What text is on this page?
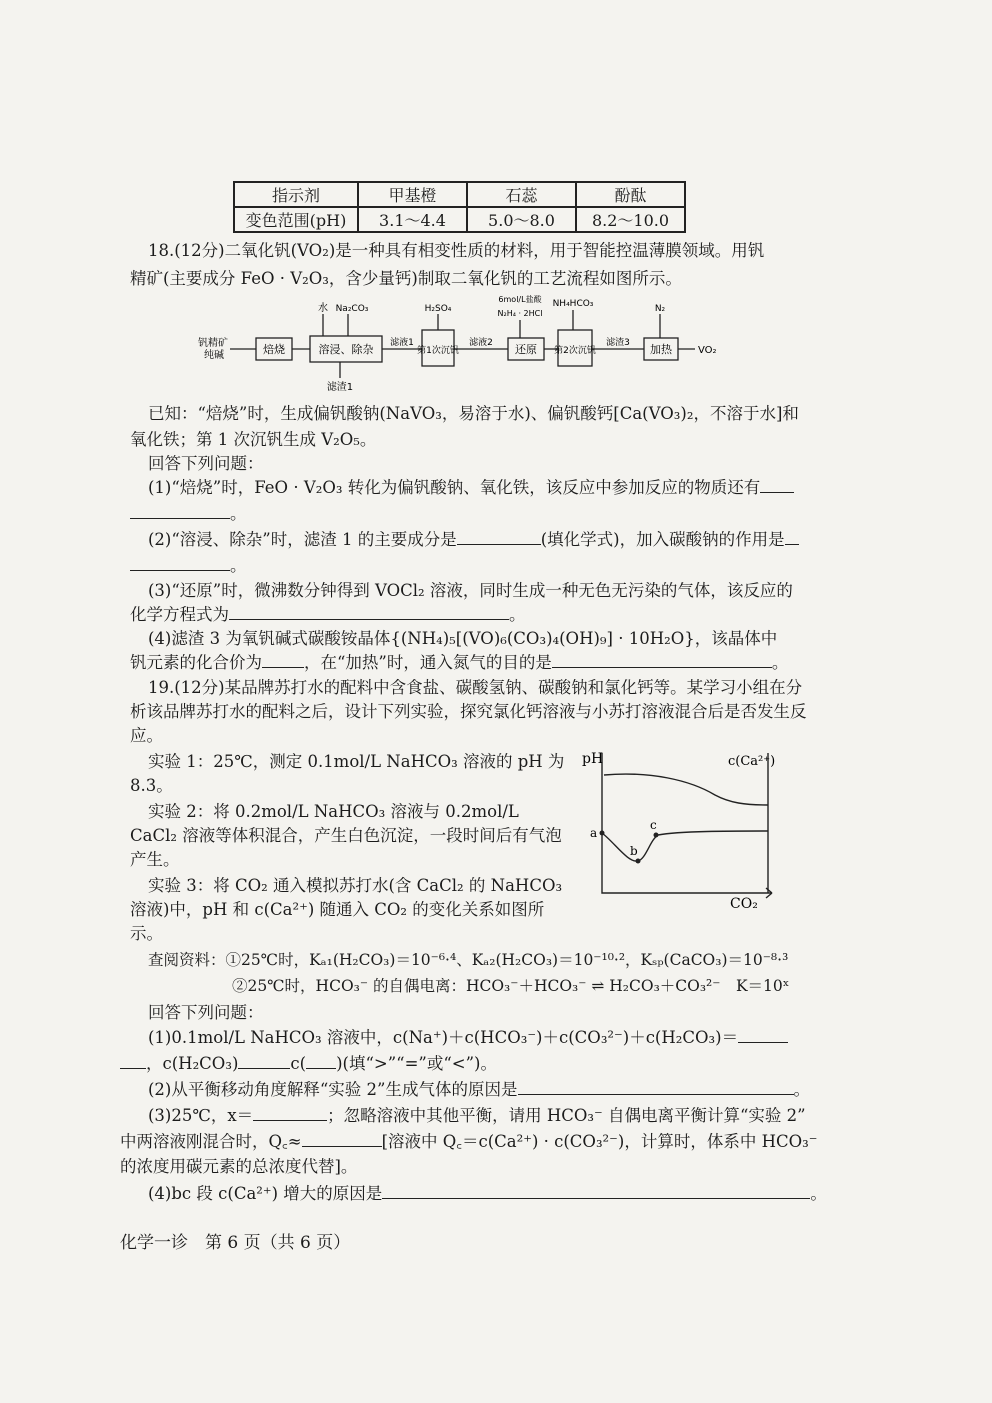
指示剂	甲基橙	石蕊	酚酞
变色范围(pH)	3.1～4.4	5.0～8.0	8.2～10.0
18.(12分)二氧化钒(VO₂)是一种具有相变性质的材料，用于智能控温薄膜领域。用钒
精矿(主要成分 FeO · V₂O₃，含少量钙)制取二氧化钒的工艺流程如图所示。
钒精矿
纯碱	焙烧	溶浸、除杂	第1次沉钒	还原 第2次沉钒	加热
水 Na₂CO₃	H₂SO₄
6mol/L盐酸
N₂H₄ · 2HCl
NH₄HCO₃	N₂
滤液1	滤液2	滤渣3
滤渣1
VO₂
已知：“焙烧”时，生成偏钒酸钠(NaVO₃，易溶于水)、偏钒酸钙[Ca(VO₃)₂，不溶于水]和
氧化铁；第 1 次沉钒生成 V₂O₅。
回答下列问题：
(1)“焙烧”时，FeO · V₂O₃ 转化为偏钒酸钠、氧化铁，该反应中参加反应的物质还有
。
(2)“溶浸、除杂”时，滤渣 1 的主要成分是	(填化学式)，加入碳酸钠的作用是
。
(3)“还原”时，微沸数分钟得到 VOCl₂ 溶液，同时生成一种无色无污染的气体，该反应的
化学方程式为	。
(4)滤渣 3 为氧钒碱式碳酸铵晶体{(NH₄)₅[(VO)₆(CO₃)₄(OH)₉] · 10H₂O}，该晶体中
钒元素的化合价为	，在“加热”时，通入氮气的目的是	。
19.(12分)某品牌苏打水的配料中含食盐、碳酸氢钠、碳酸钠和氯化钙等。某学习小组在分
析该品牌苏打水的配料之后，设计下列实验，探究氯化钙溶液与小苏打溶液混合后是否发生反
应。
实验 1：25℃，测定 0.1mol/L NaHCO₃ 溶液的 pH 为
8.3。
实验 2：将 0.2mol/L NaHCO₃ 溶液与 0.2mol/L
CaCl₂ 溶液等体积混合，产生白色沉淀，一段时间后有气泡
产生。
实验 3：将 CO₂ 通入模拟苏打水(含 CaCl₂ 的 NaHCO₃
溶液)中，pH 和 c(Ca²⁺) 随通入 CO₂ 的变化关系如图所
示。
pH	c(Ca²⁺)
CO₂
a
b
c
查阅资料：①25℃时，Kₐ₁(H₂CO₃)＝10⁻⁶·⁴、Kₐ₂(H₂CO₃)＝10⁻¹⁰·²，Kₛₚ(CaCO₃)＝10⁻⁸·³
②25℃时，HCO₃⁻ 的自偶电离：HCO₃⁻＋HCO₃⁻ ⇌ H₂CO₃＋CO₃²⁻　K＝10ˣ
回答下列问题：
(1)0.1mol/L NaHCO₃ 溶液中，c(Na⁺)＋c(HCO₃⁻)＋c(CO₃²⁻)＋c(H₂CO₃)＝
，c(H₂CO₃)	c( )(填“>”“=”或“<”)。
(2)从平衡移动角度解释“实验 2”生成气体的原因是	。
(3)25℃，x＝	；忽略溶液中其他平衡，请用 HCO₃⁻ 自偶电离平衡计算“实验 2”
中两溶液刚混合时，Q꜀≈	[溶液中 Q꜀＝c(Ca²⁺) · c(CO₃²⁻)，计算时，体系中 HCO₃⁻
的浓度用碳元素的总浓度代替]。
(4)bc 段 c(Ca²⁺) 增大的原因是	。
化学一诊　第 6 页（共 6 页）
